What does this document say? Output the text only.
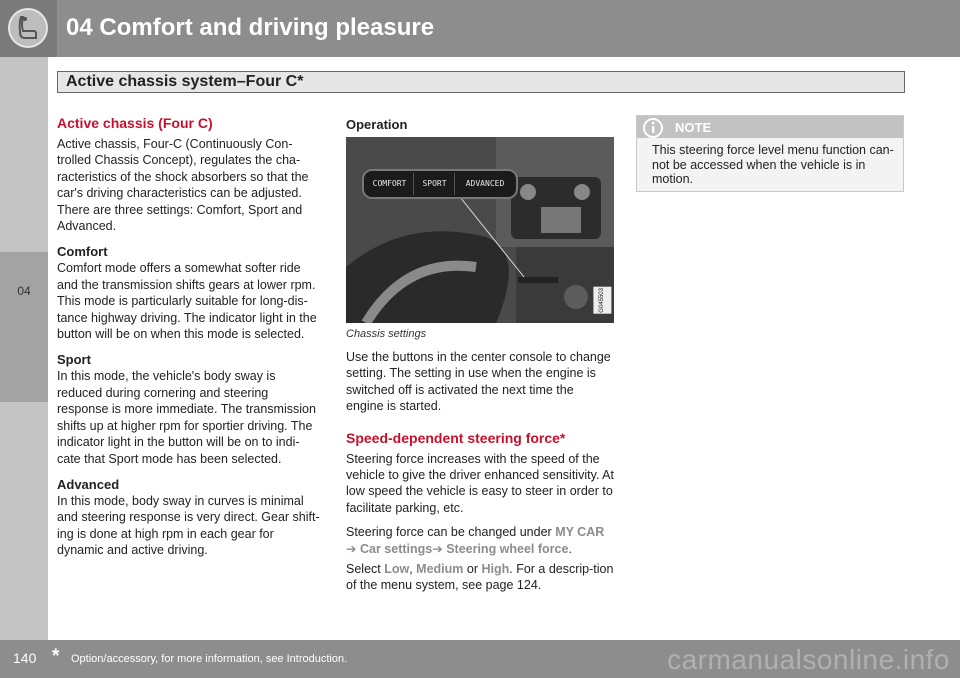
04 Comfort and driving pleasure
Active chassis system–Four C*
04
Active chassis (Four C)

Active chassis, Four-C (Continuously Con-trolled Chassis Concept), regulates the cha-racteristics of the shock absorbers so that the car's driving characteristics can be adjusted. There are three settings: Comfort, Sport and Advanced.

Comfort

Comfort mode offers a somewhat softer ride and the transmission shifts gears at lower rpm. This mode is particularly suitable for long-dis-tance highway driving. The indicator light in the button will be on when this mode is selected.

Sport

In this mode, the vehicle's body sway is reduced during cornering and steering response is more immediate. The transmission shifts up at higher rpm for sportier driving. The indicator light in the button will be on to indi-cate that Sport mode has been selected.

Advanced

In this mode, body sway in curves is minimal and steering response is very direct. Gear shift-ing is done at high rpm in each gear for dynamic and active driving.

Operation
COMFORT	SPORT	ADVANCED
G045503
Chassis settings

Use the buttons in the center console to change setting. The setting in use when the engine is switched off is activated the next time the engine is started.

Speed-dependent steering force*

Steering force increases with the speed of the vehicle to give the driver enhanced sensitivity. At low speed the vehicle is easy to steer in order to facilitate parking, etc.

Steering force can be changed under MY CAR ➔ Car settings➔ Steering wheel force.

Select Low, Medium or High. For a descrip-tion of the menu system, see page 124.

NOTE
This steering force level menu function can-not be accessed when the vehicle is in motion.
140 * Option/accessory, for more information, see Introduction.	carmanualsonline.info
